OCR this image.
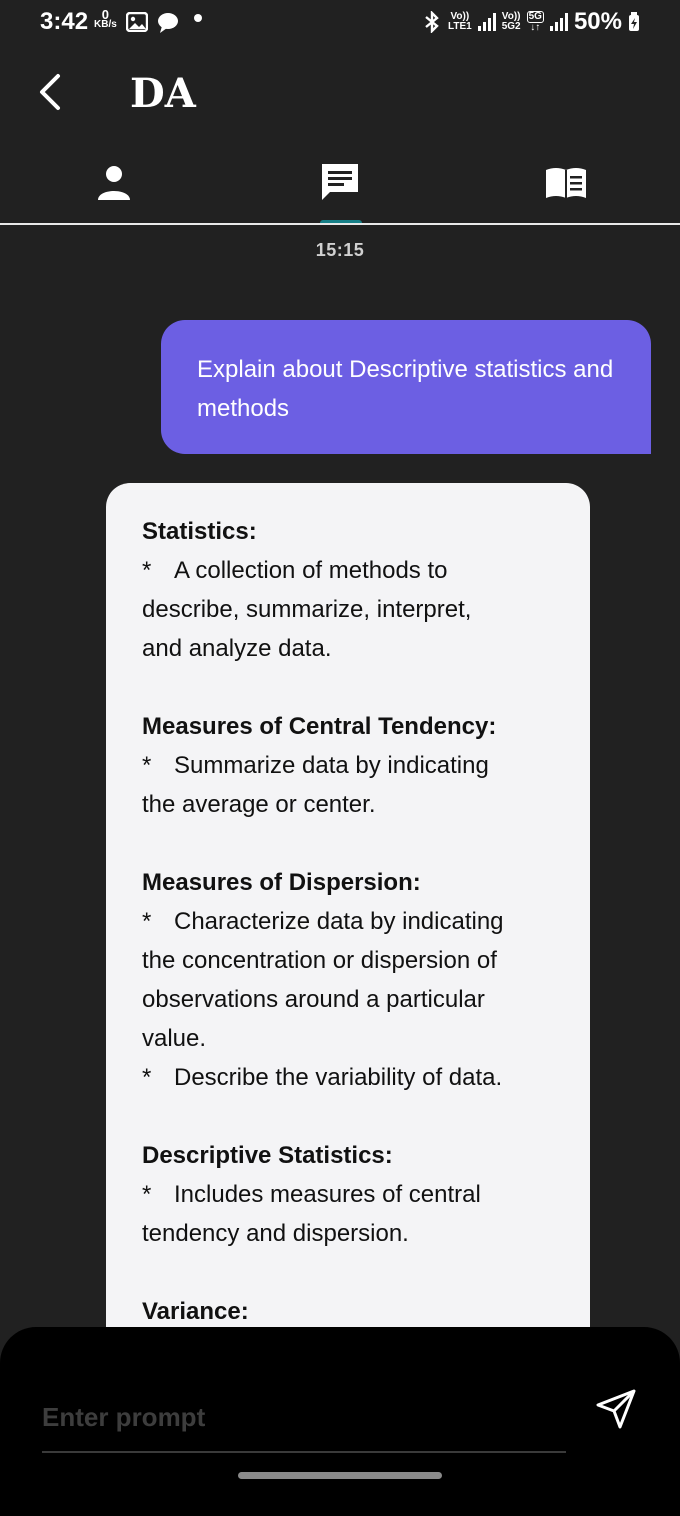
3:42	0
KB/s
Vo))
LTE1
Vo))
5G2
5G
↓↑ 50%
DA
15:15
Explain about Descriptive statistics and methods
Statistics:
* A collection of methods to
describe, summarize, interpret,
and analyze data.
Measures of Central Tendency:
* Summarize data by indicating
the average or center.
Measures of Dispersion:
* Characterize data by indicating
the concentration or dispersion of
observations around a particular
value.
* Describe the variability of data.
Descriptive Statistics:
* Includes measures of central
tendency and dispersion.
Variance:
Enter prompt
